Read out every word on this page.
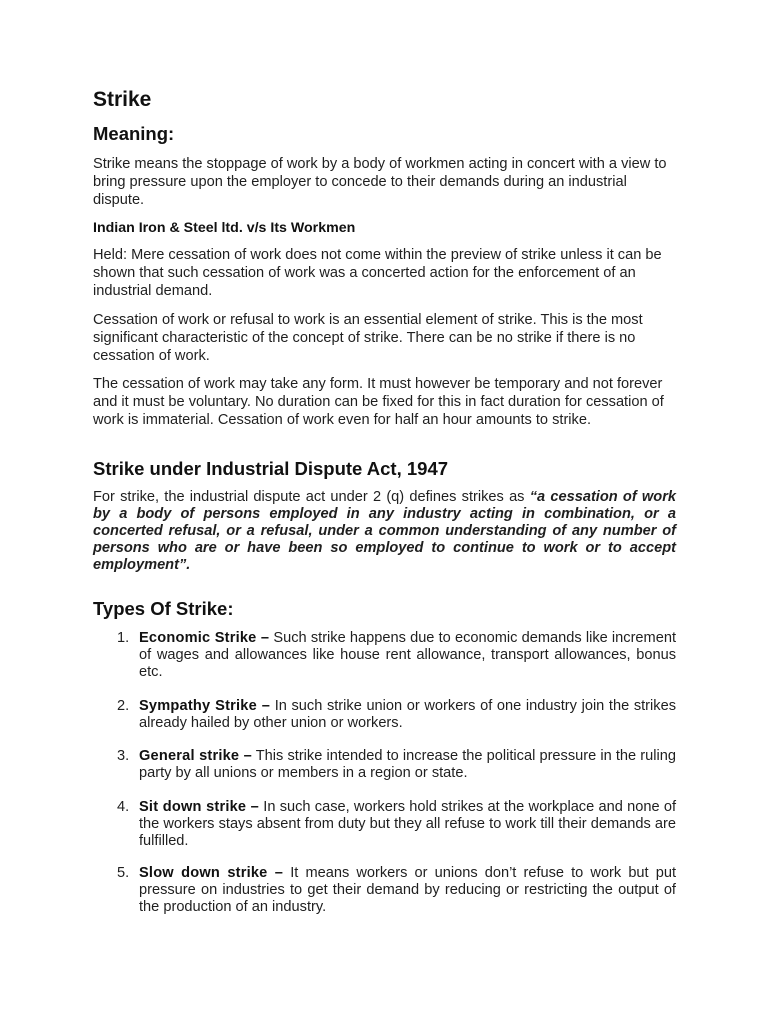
Strike
Meaning:
Strike means the stoppage of work by a body of workmen acting in concert with a view to bring pressure upon the employer to concede to their demands during an industrial dispute.
Indian Iron & Steel ltd. v/s Its Workmen
Held: Mere cessation of work does not come within the preview of strike unless it can be shown that such cessation of work was a concerted action for the enforcement of an industrial demand.
Cessation of work or refusal to work is an essential element of strike. This is the most significant characteristic of the concept of strike. There can be no strike if there is no cessation of work.
The cessation of work may take any form. It must however be temporary and not forever and it must be voluntary. No duration can be fixed for this in fact duration for cessation of work is immaterial. Cessation of work even for half an hour amounts to strike.
Strike under Industrial Dispute Act, 1947
For strike, the industrial dispute act under 2 (q) defines strikes as “a cessation of work by a body of persons employed in any industry acting in combination, or a concerted refusal, or a refusal, under a common understanding of any number of persons who are or have been so employed to continue to work or to accept employment”.
Types Of Strike:
1. Economic Strike – Such strike happens due to economic demands like increment of wages and allowances like house rent allowance, transport allowances, bonus etc.
2. Sympathy Strike – In such strike union or workers of one industry join the strikes already hailed by other union or workers.
3. General strike – This strike intended to increase the political pressure in the ruling party by all unions or members in a region or state.
4. Sit down strike – In such case, workers hold strikes at the workplace and none of the workers stays absent from duty but they all refuse to work till their demands are fulfilled.
5. Slow down strike – It means workers or unions don’t refuse to work but put pressure on industries to get their demand by reducing or restricting the output of the production of an industry.
